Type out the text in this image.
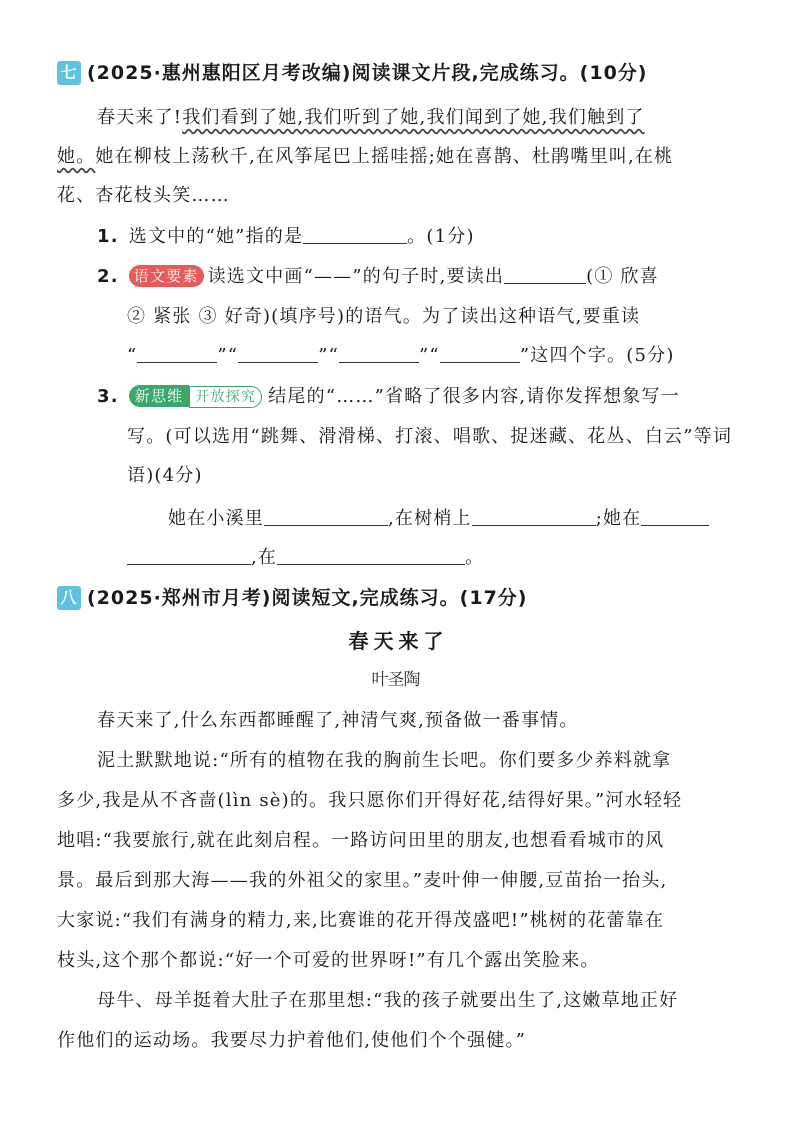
七 (2025·惠州惠阳区月考改编)阅读课文片段,完成练习。(10分)
春天来了!我们看到了她,我们听到了她,我们闻到了她,我们触到了
她。她在柳枝上荡秋千,在风筝尾巴上摇哇摇;她在喜鹊、杜鹃嘴里叫,在桃
花、杏花枝头笑……
1. 选文中的“她”指的是	。(1分)
2. 语文要素 读选文中画“——”的句子时,要读出	(① 欣喜
② 紧张 ③ 好奇)(填序号)的语气。为了读出这种语气,要重读
“	”“	”“	”“	”这四个字。(5分)
3. 新思维 开放探究 结尾的“……”省略了很多内容,请你发挥想象写一
写。(可以选用“跳舞、滑滑梯、打滚、唱歌、捉迷藏、花丛、白云”等词
语)(4分)
她在小溪里	,在树梢上	;她在
,在	。
八 (2025·郑州市月考)阅读短文,完成练习。(17分)
春 天 来 了
叶圣陶
春天来了,什么东西都睡醒了,神清气爽,预备做一番事情。
泥土默默地说:“所有的植物在我的胸前生长吧。你们要多少养料就拿
多少,我是从不吝啬(lìn sè)的。我只愿你们开得好花,结得好果。”河水轻轻
地唱:“我要旅行,就在此刻启程。一路访问田里的朋友,也想看看城市的风
景。最后到那大海——我的外祖父的家里。”麦叶伸一伸腰,豆苗抬一抬头,
大家说:“我们有满身的精力,来,比赛谁的花开得茂盛吧!”桃树的花蕾靠在
枝头,这个那个都说:“好一个可爱的世界呀!”有几个露出笑脸来。
母牛、母羊挺着大肚子在那里想:“我的孩子就要出生了,这嫩草地正好
作他们的运动场。我要尽力护着他们,使他们个个强健。”
